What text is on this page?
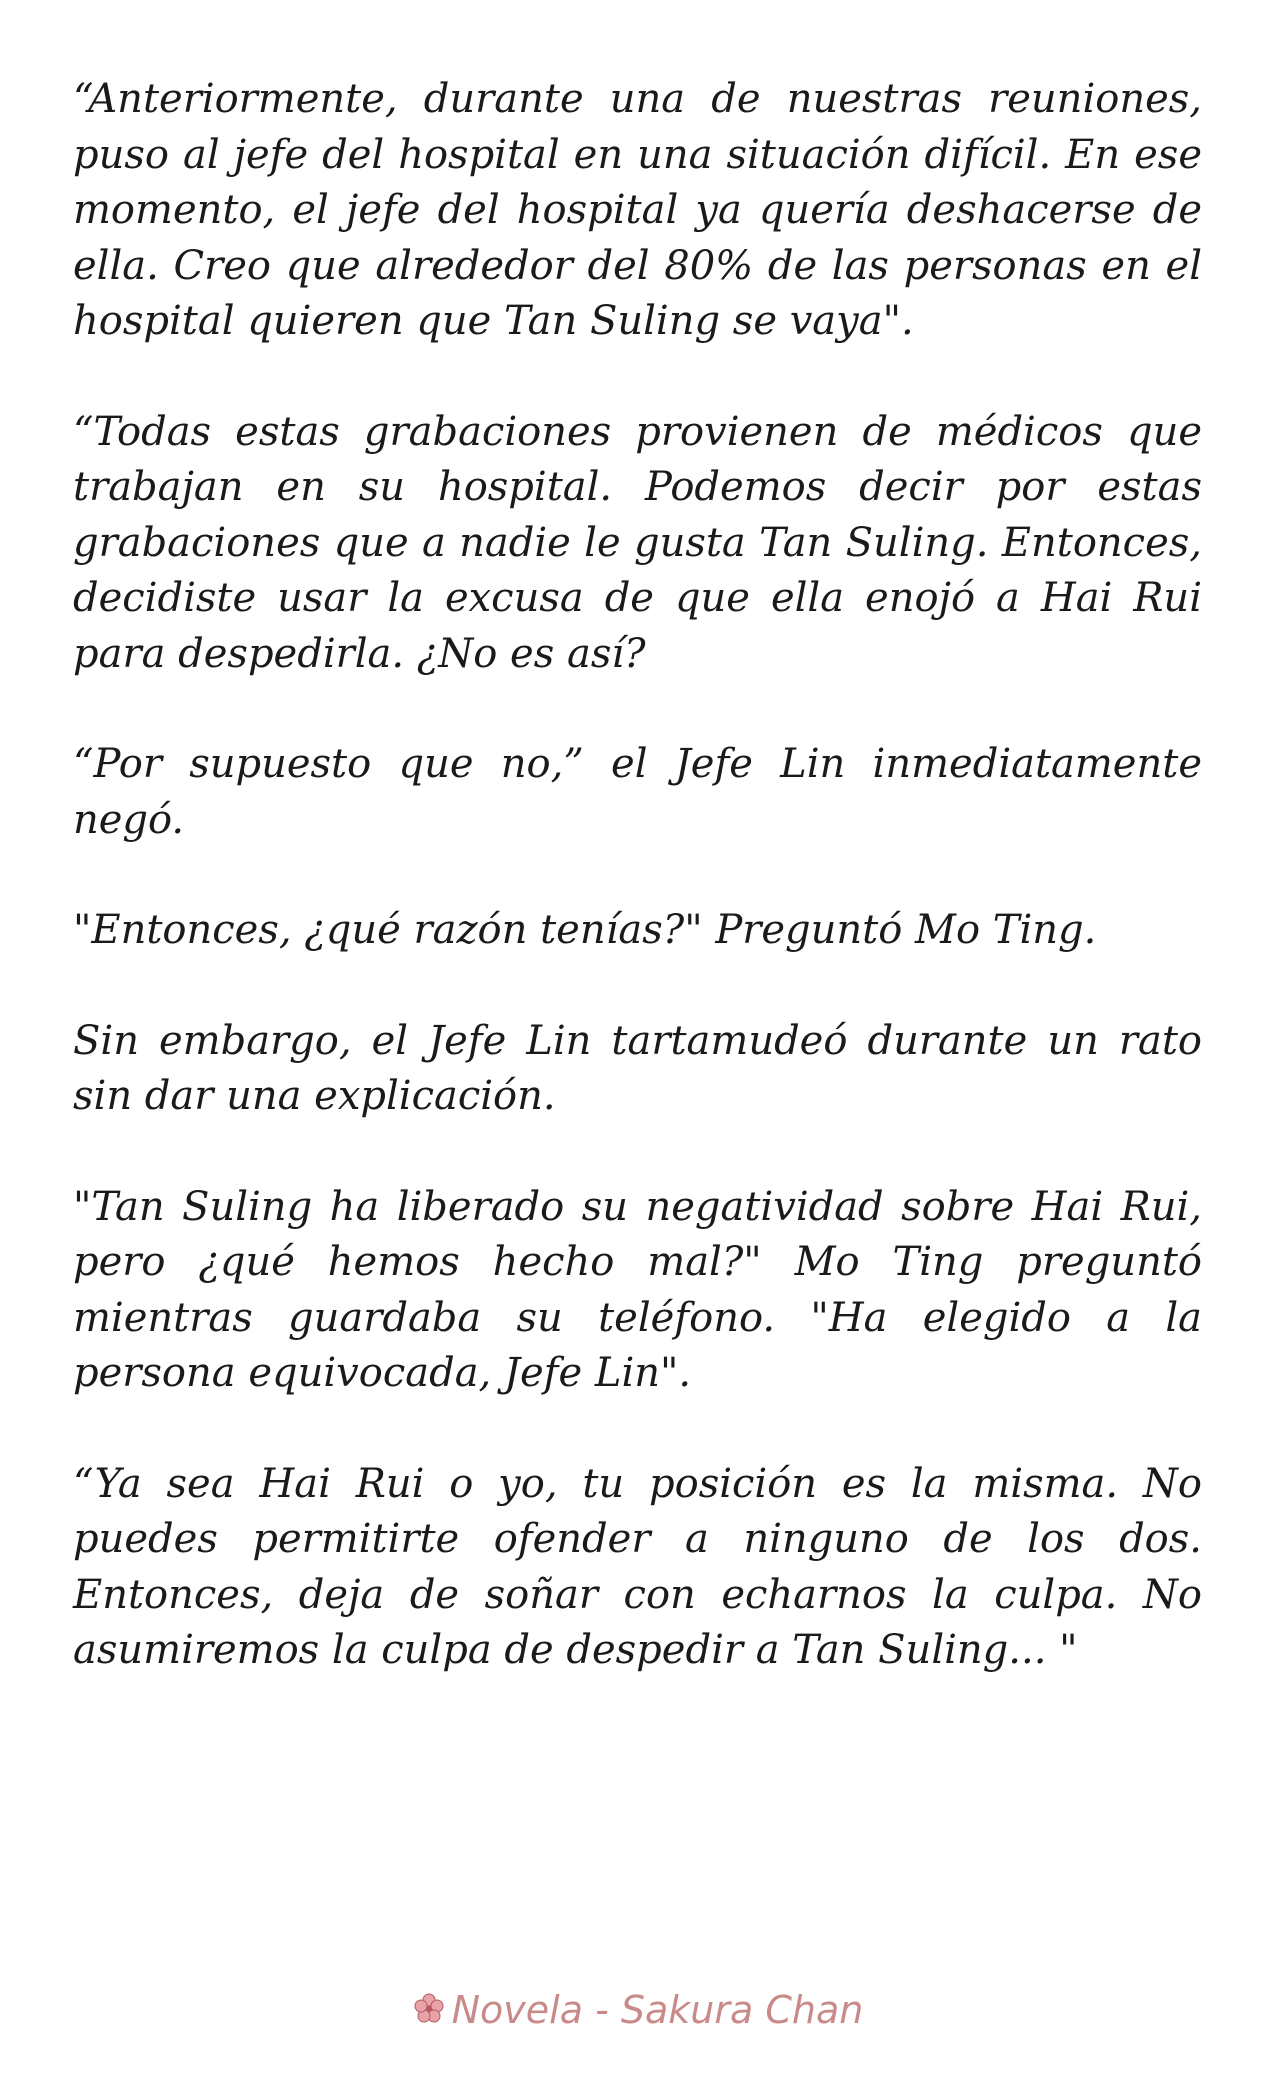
“Anteriormente, durante una de nuestras reuniones, puso al jefe del hospital en una situación difícil. En ese momento, el jefe del hospital ya quería deshacerse de ella. Creo que alrededor del 80% de las personas en el hospital quieren que Tan Suling se vaya".

“Todas estas grabaciones provienen de médicos que trabajan en su hospital. Podemos decir por estas grabaciones que a nadie le gusta Tan Suling. Entonces, decidiste usar la excusa de que ella enojó a Hai Rui para despedirla. ¿No es así?

“Por supuesto que no,” el Jefe Lin inmediatamente negó.

"Entonces, ¿qué razón tenías?" Preguntó Mo Ting.

Sin embargo, el Jefe Lin tartamudeó durante un rato sin dar una explicación.

"Tan Suling ha liberado su negatividad sobre Hai Rui, pero ¿qué hemos hecho mal?" Mo Ting preguntó mientras guardaba su teléfono. "Ha elegido a la persona equivocada, Jefe Lin".

“Ya sea Hai Rui o yo, tu posición es la misma. No puedes permitirte ofender a ninguno de los dos. Entonces, deja de soñar con echarnos la culpa. No asumiremos la culpa de despedir a Tan Suling... "

Novela - Sakura Chan
